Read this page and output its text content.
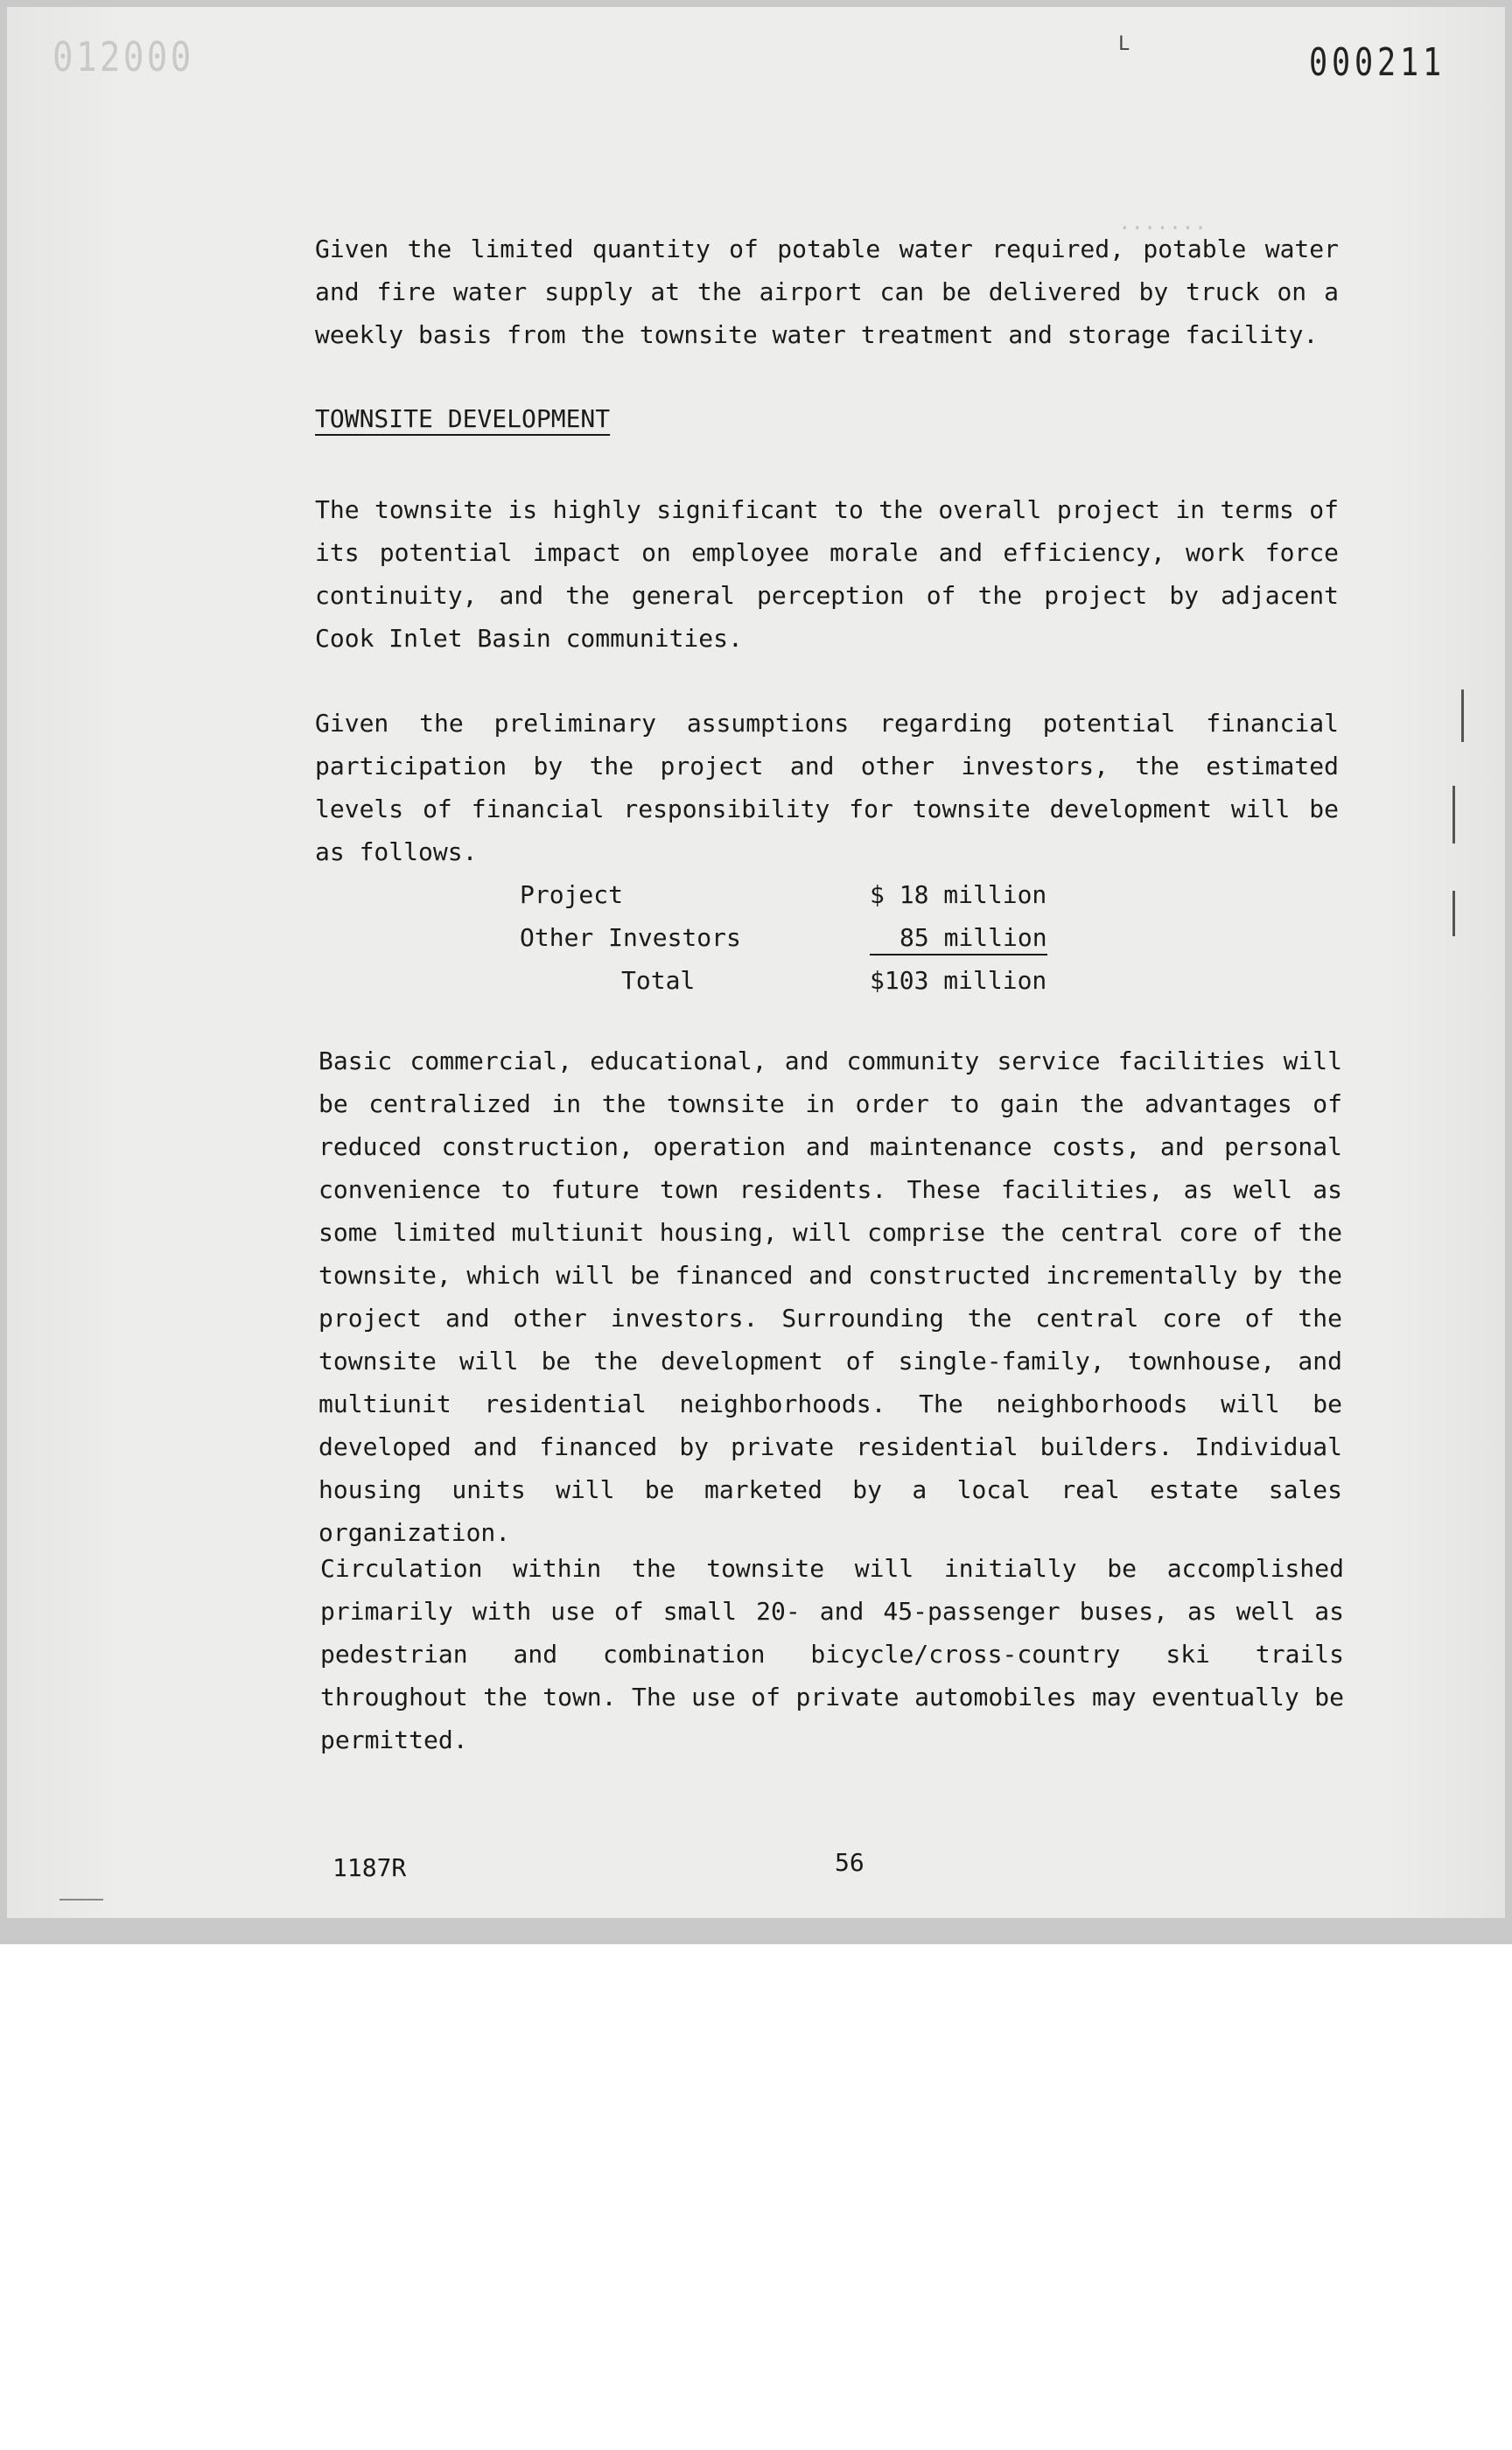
012000	L	000211
.......

Given the limited quantity of potable water required, potable water and fire water supply at the airport can be delivered by truck on a weekly basis from the townsite water treatment and storage facility.

TOWNSITE DEVELOPMENT

The townsite is highly significant to the overall project in terms of its potential impact on employee morale and efficiency, work force continuity, and the general perception of the project by adjacent Cook Inlet Basin communities.

Given the preliminary assumptions regarding potential financial participation by the project and other investors, the estimated levels of financial responsibility for townsite development will be as follows.

Project	$ 18 million
Other Investors	85 million
Total	$103 million

Basic commercial, educational, and community service facilities will be centralized in the townsite in order to gain the advantages of reduced construction, operation and maintenance costs, and personal convenience to future town residents. These facilities, as well as some limited multiunit housing, will comprise the central core of the townsite, which will be financed and constructed incrementally by the project and other investors. Surrounding the central core of the townsite will be the development of single-family, townhouse, and multiunit residential neighborhoods. The neighborhoods will be developed and financed by private residential builders. Individual housing units will be marketed by a local real estate sales organization.

Circulation within the townsite will initially be accomplished primarily with use of small 20- and 45-passenger buses, as well as pedestrian and combination bicycle/cross-country ski trails throughout the town. The use of private automobiles may eventually be permitted.

1187R	56
